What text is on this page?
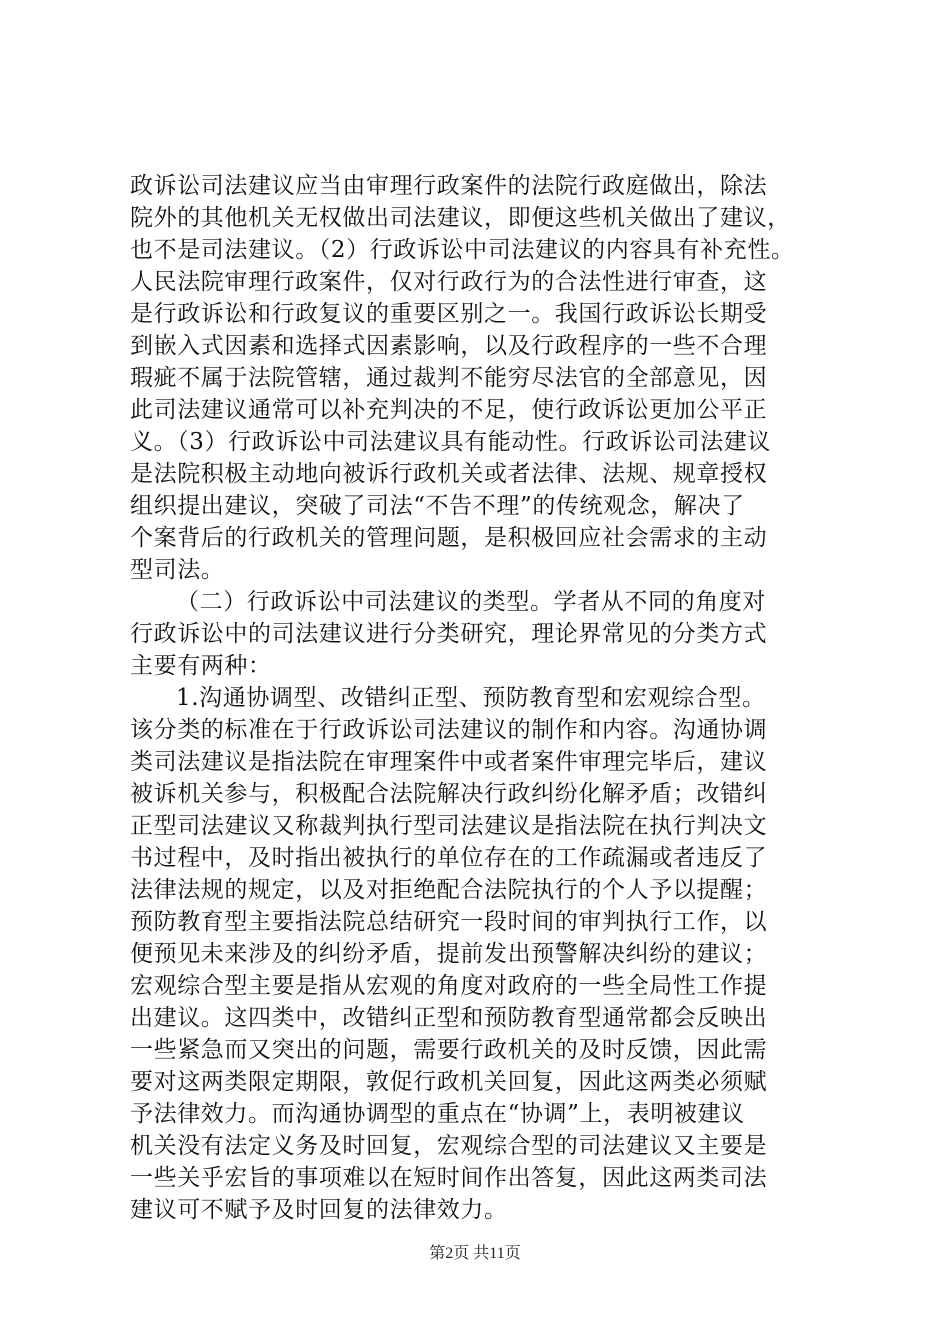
政诉讼司法建议应当由审理行政案件的法院行政庭做出，除法
院外的其他机关无权做出司法建议，即便这些机关做出了建议，
也不是司法建议。（2）行政诉讼中司法建议的内容具有补充性。
人民法院审理行政案件，仅对行政行为的合法性进行审查，这
是行政诉讼和行政复议的重要区别之一。我国行政诉讼长期受
到嵌入式因素和选择式因素影响，以及行政程序的一些不合理
瑕疵不属于法院管辖，通过裁判不能穷尽法官的全部意见，因
此司法建议通常可以补充判决的不足，使行政诉讼更加公平正
义。（3）行政诉讼中司法建议具有能动性。行政诉讼司法建议
是法院积极主动地向被诉行政机关或者法律、法规、规章授权
组织提出建议，突破了司法“不告不理”的传统观念，解决了
个案背后的行政机关的管理问题，是积极回应社会需求的主动
型司法。
（二）行政诉讼中司法建议的类型。学者从不同的角度对
行政诉讼中的司法建议进行分类研究，理论界常见的分类方式
主要有两种：
1.沟通协调型、改错纠正型、预防教育型和宏观综合型。
该分类的标准在于行政诉讼司法建议的制作和内容。沟通协调
类司法建议是指法院在审理案件中或者案件审理完毕后，建议
被诉机关参与，积极配合法院解决行政纠纷化解矛盾；改错纠
正型司法建议又称裁判执行型司法建议是指法院在执行判决文
书过程中，及时指出被执行的单位存在的工作疏漏或者违反了
法律法规的规定，以及对拒绝配合法院执行的个人予以提醒；
预防教育型主要指法院总结研究一段时间的审判执行工作，以
便预见未来涉及的纠纷矛盾，提前发出预警解决纠纷的建议；
宏观综合型主要是指从宏观的角度对政府的一些全局性工作提
出建议。这四类中，改错纠正型和预防教育型通常都会反映出
一些紧急而又突出的问题，需要行政机关的及时反馈，因此需
要对这两类限定期限，敦促行政机关回复，因此这两类必须赋
予法律效力。而沟通协调型的重点在“协调”上，表明被建议
机关没有法定义务及时回复，宏观综合型的司法建议又主要是
一些关乎宏旨的事项难以在短时间作出答复，因此这两类司法
建议可不赋予及时回复的法律效力。
第2页 共11页
